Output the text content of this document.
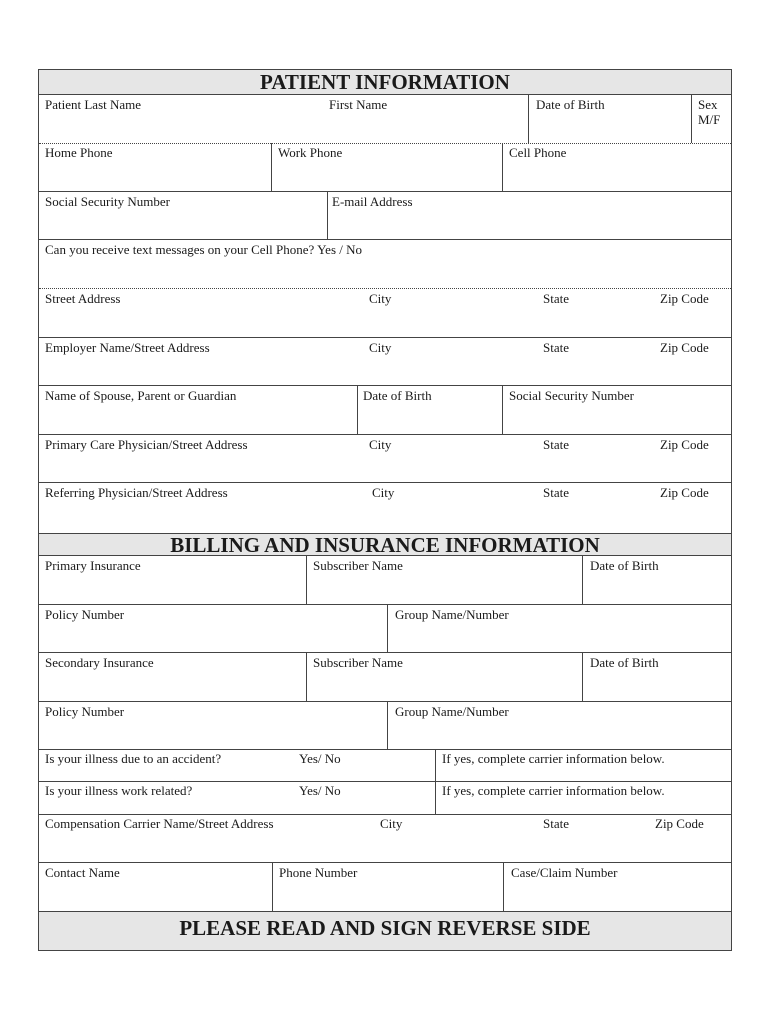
PATIENT INFORMATION
Patient Last Name	First Name	Date of Birth	Sex M/F
Home Phone	Work Phone	Cell Phone
Social Security Number	E-mail Address
Can you receive text messages on your Cell Phone? Yes / No
Street Address	City	State	Zip Code
Employer Name/Street Address	City	State	Zip Code
Name of Spouse, Parent or Guardian	Date of Birth	Social Security Number
Primary Care Physician/Street Address	City	State	Zip Code
Referring Physician/Street Address	City	State	Zip Code
BILLING AND INSURANCE INFORMATION
Primary Insurance	Subscriber Name	Date of Birth
Policy Number	Group Name/Number
Secondary Insurance	Subscriber Name	Date of Birth
Policy Number	Group Name/Number
Is your illness due to an accident?	Yes/ No	If yes, complete carrier information below.
Is your illness work related?	Yes/ No	If yes, complete carrier information below.
Compensation Carrier Name/Street Address	City	State	Zip Code
Contact Name	Phone Number	Case/Claim Number
PLEASE READ AND SIGN REVERSE SIDE
